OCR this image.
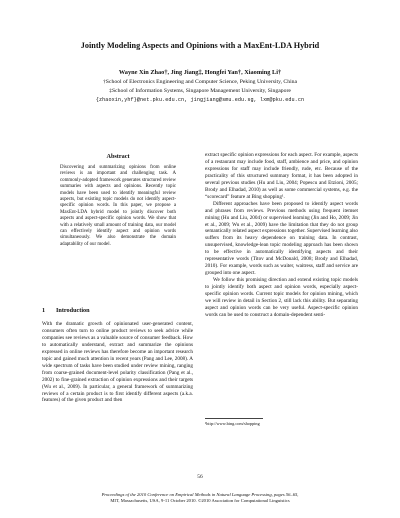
Jointly Modeling Aspects and Opinions with a MaxEnt-LDA Hybrid
Wayne Xin Zhao†, Jing Jiang‡, Hongfei Yan†, Xiaoming Li†
†School of Electronics Engineering and Computer Science, Peking University, China
‡School of Information Systems, Singapore Management University, Singapore
{zhaoxin,yhf}@net.pku.edu.cn, jingjiang@smu.edu.sg, lxm@pku.edu.cn
Abstract

Discovering and summarizing opinions from online reviews is an important and challenging task. A commonly-adopted framework generates structured review summaries with aspects and opinions. Recently topic models have been used to identify meaningful review aspects, but existing topic models do not identify aspect-specific opinion words. In this paper, we propose a MaxEnt-LDA hybrid model to jointly discover both aspects and aspect-specific opinion words. We show that with a relatively small amount of training data, our model can effectively identify aspect and opinion words simultaneously. We also demonstrate the domain adaptability of our model.

1 Introduction

With the dramatic growth of opinionated user-generated content, consumers often turn to online product reviews to seek advice while companies see reviews as a valuable source of consumer feedback. How to automatically understand, extract and summarize the opinions expressed in online reviews has therefore become an important research topic and gained much attention in recent years (Pang and Lee, 2008). A wide spectrum of tasks have been studied under review mining, ranging from coarse-grained document-level polarity classification (Pang et al., 2002) to fine-grained extraction of opinion expressions and their targets (Wu et al., 2009). In particular, a general framework of summarizing reviews of a certain product is to first identify different aspects (a.k.a. features) of the given product and then

extract specific opinion expressions for each aspect. For example, aspects of a restaurant may include food, staff, ambience and price, and opinion expressions for staff may include friendly, rude, etc. Because of the practicality of this structured summary format, it has been adopted in several previous studies (Hu and Liu, 2004; Popescu and Etzioni, 2005; Brody and Elhadad, 2010) as well as some commercial systems, e.g. the “scorecard” feature at Bing shopping¹.

Different approaches have been proposed to identify aspect words and phrases from reviews. Previous methods using frequent itemset mining (Hu and Liu, 2004) or supervised learning (Jin and Ho, 2009; Jin et al., 2009; Wu et al., 2009) have the limitation that they do not group semantically related aspect expressions together. Supervised learning also suffers from its heavy dependence on training data. In contrast, unsupervised, knowledge-lean topic modeling approach has been shown to be effective in automatically identifying aspects and their representative words (Titov and McDonald, 2008; Brody and Elhadad, 2010). For example, words such as waiter, waitress, staff and service are grouped into one aspect.

We follow this promising direction and extend existing topic models to jointly identify both aspect and opinion words, especially aspect-specific opinion words. Current topic models for opinion mining, which we will review in detail in Section 2, still lack this ability. But separating aspect and opinion words can be very useful. Aspect-specific opinion words can be used to construct a domain-dependent senti-

¹http://www.bing.com/shopping
56
Proceedings of the 2010 Conference on Empirical Methods in Natural Language Processing, pages 56–65,
MIT, Massachusetts, USA, 9-11 October 2010. ©2010 Association for Computational Linguistics
